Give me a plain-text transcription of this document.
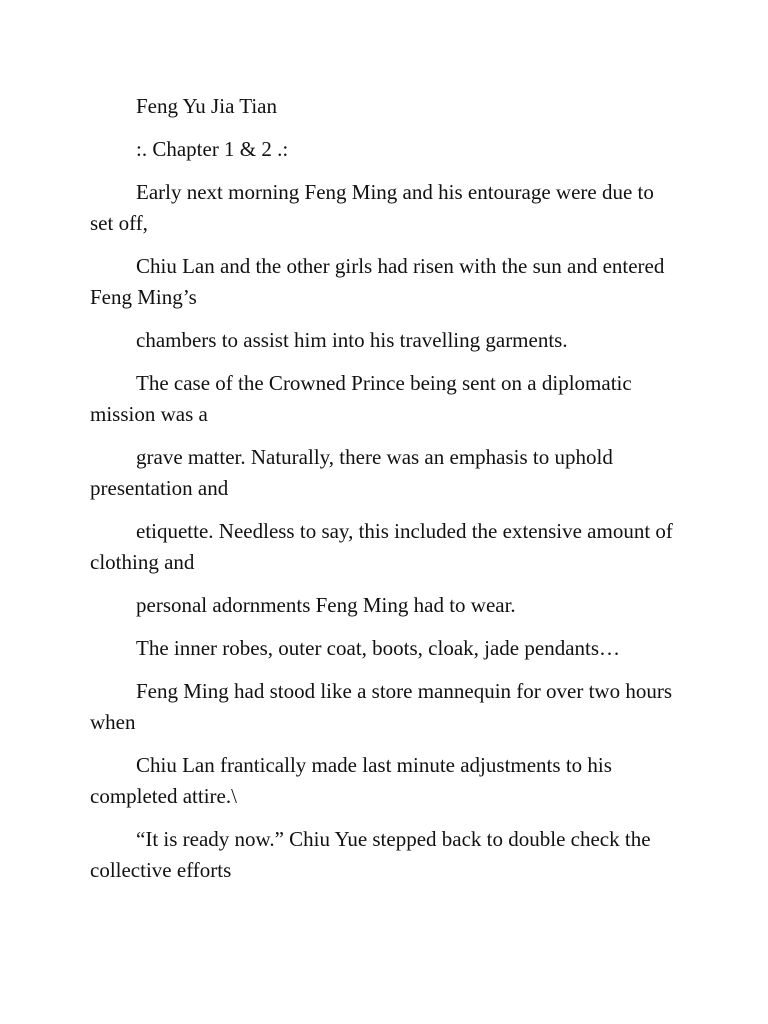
Feng Yu Jia Tian

:. Chapter 1 & 2 .:

Early next morning Feng Ming and his entourage were due to set off,

Chiu Lan and the other girls had risen with the sun and entered Feng Ming’s

chambers to assist him into his travelling garments.

The case of the Crowned Prince being sent on a diplomatic mission was a

grave matter. Naturally, there was an emphasis to uphold presentation and

etiquette. Needless to say, this included the extensive amount of clothing and

personal adornments Feng Ming had to wear.

The inner robes, outer coat, boots, cloak, jade pendants…

Feng Ming had stood like a store mannequin for over two hours when

Chiu Lan frantically made last minute adjustments to his completed attire.\

“It is ready now.” Chiu Yue stepped back to double check the collective efforts
